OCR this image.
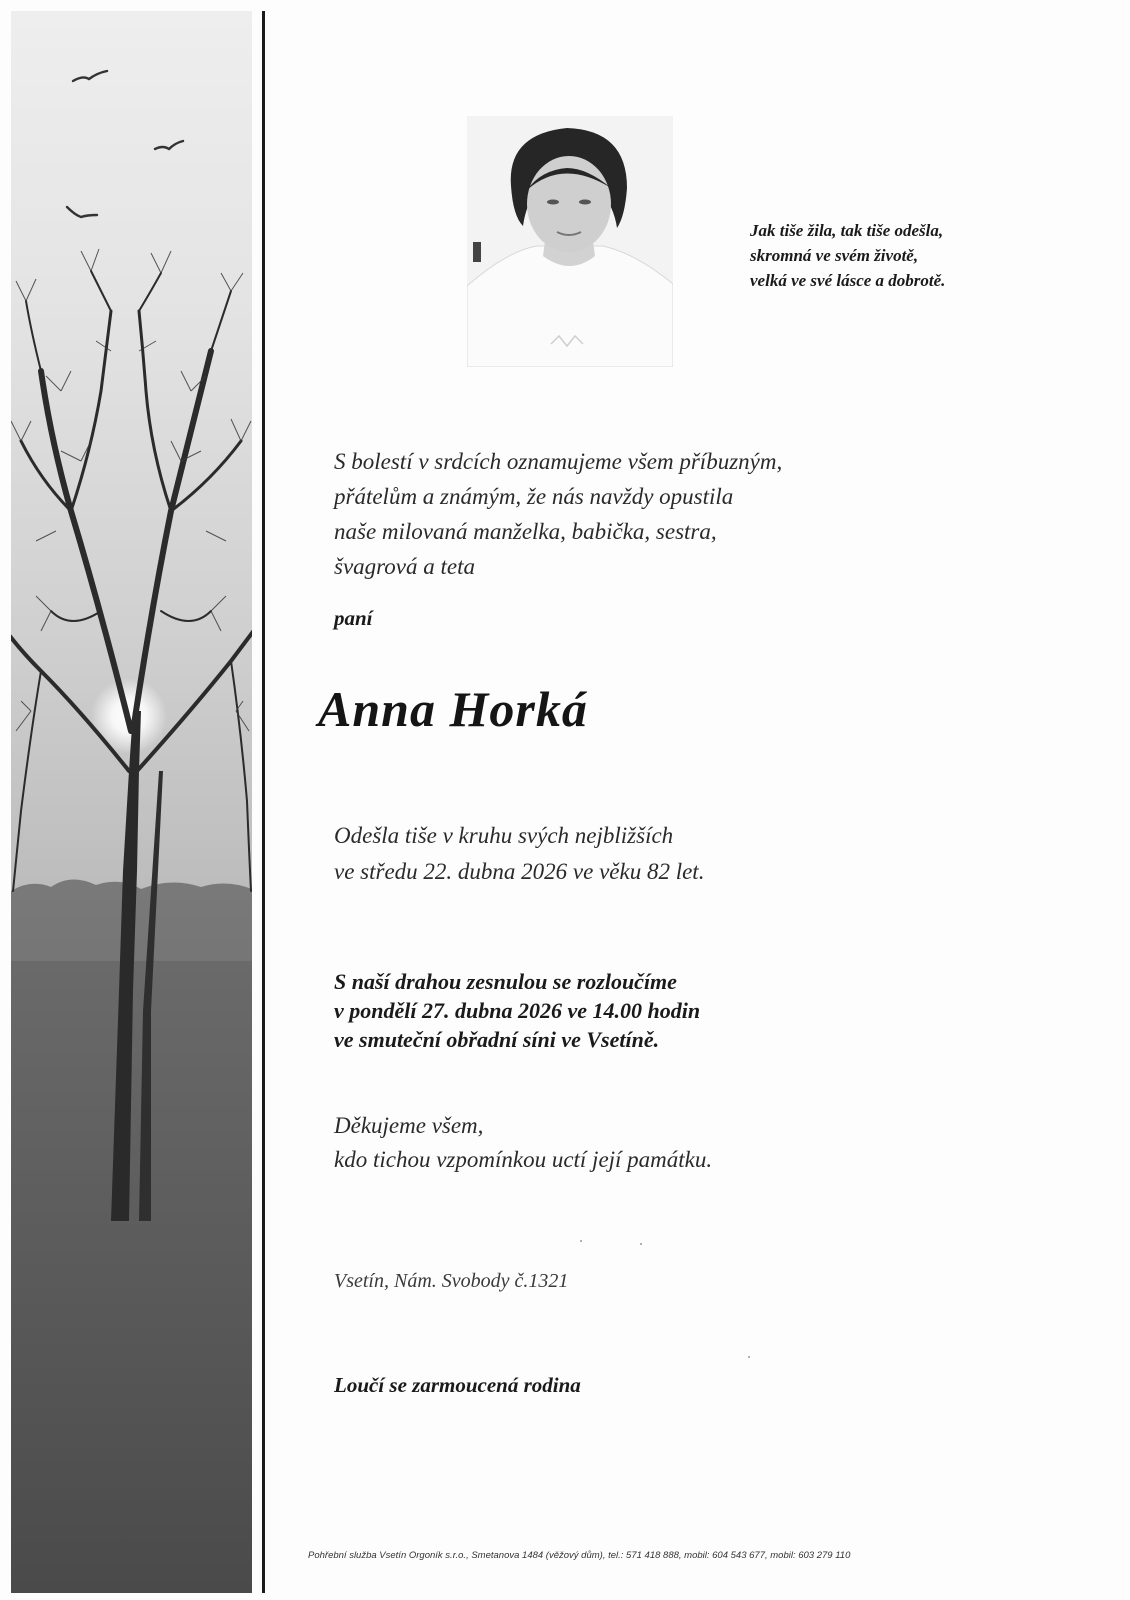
Jak tiše žila, tak tiše odešla,
skromná ve svém životě,
velká ve své lásce a dobrotě.
S bolestí v srdcích oznamujeme všem příbuzným,
přátelům a známým, že nás navždy opustila
naše milovaná manželka, babička, sestra,
švagrová a teta
paní
Anna Horká
Odešla tiše v kruhu svých nejbližších
ve středu 22. dubna 2026 ve věku 82 let.
S naší drahou zesnulou se rozloučíme
v pondělí 27. dubna 2026 ve 14.00 hodin
ve smuteční obřadní síni ve Vsetíně.
Děkujeme všem,
kdo tichou vzpomínkou uctí její památku.
Vsetín, Nám. Svobody č.1321
Loučí se zarmoucená rodina
Pohřební služba Vsetín Orgoník s.r.o., Smetanova 1484 (věžový dům), tel.: 571 418 888, mobil: 604 543 677, mobil: 603 279 110
